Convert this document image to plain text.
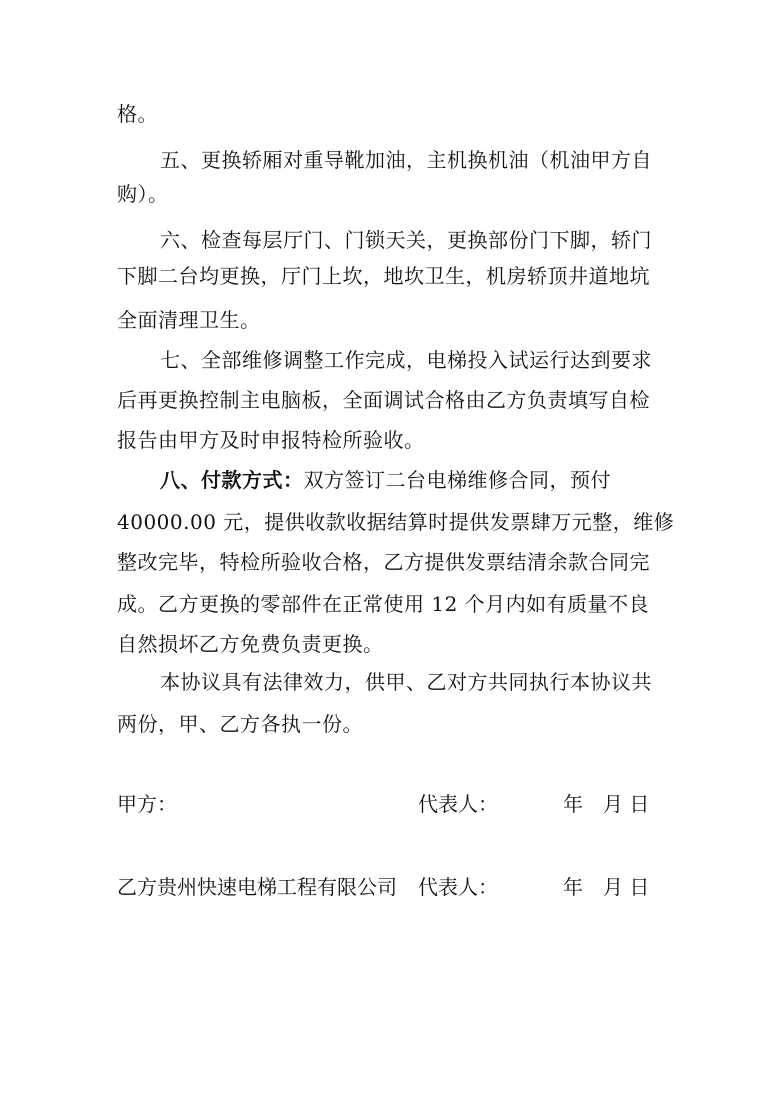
格。
五、更换轿厢对重导靴加油，主机换机油（机油甲方自
购）。
六、检查每层厅门、门锁天关，更换部份门下脚，轿门
下脚二台均更换，厅门上坎，地坎卫生，机房轿顶井道地坑
全面清理卫生。
七、全部维修调整工作完成，电梯投入试运行达到要求
后再更换控制主电脑板，全面调试合格由乙方负责填写自检
报告由甲方及时申报特检所验收。
八、付款方式：双方签订二台电梯维修合同，预付
40000.00 元，提供收款收据结算时提供发票肆万元整，维修
整改完毕，特检所验收合格，乙方提供发票结清余款合同完
成。乙方更换的零部件在正常使用 12 个月内如有质量不良
自然损坏乙方免费负责更换。
本协议具有法律效力，供甲、乙对方共同执行本协议共
两份，甲、乙方各执一份。
甲方：	代表人：	年　月 日
乙方贵州快速电梯工程有限公司 代表人：	年　月 日
